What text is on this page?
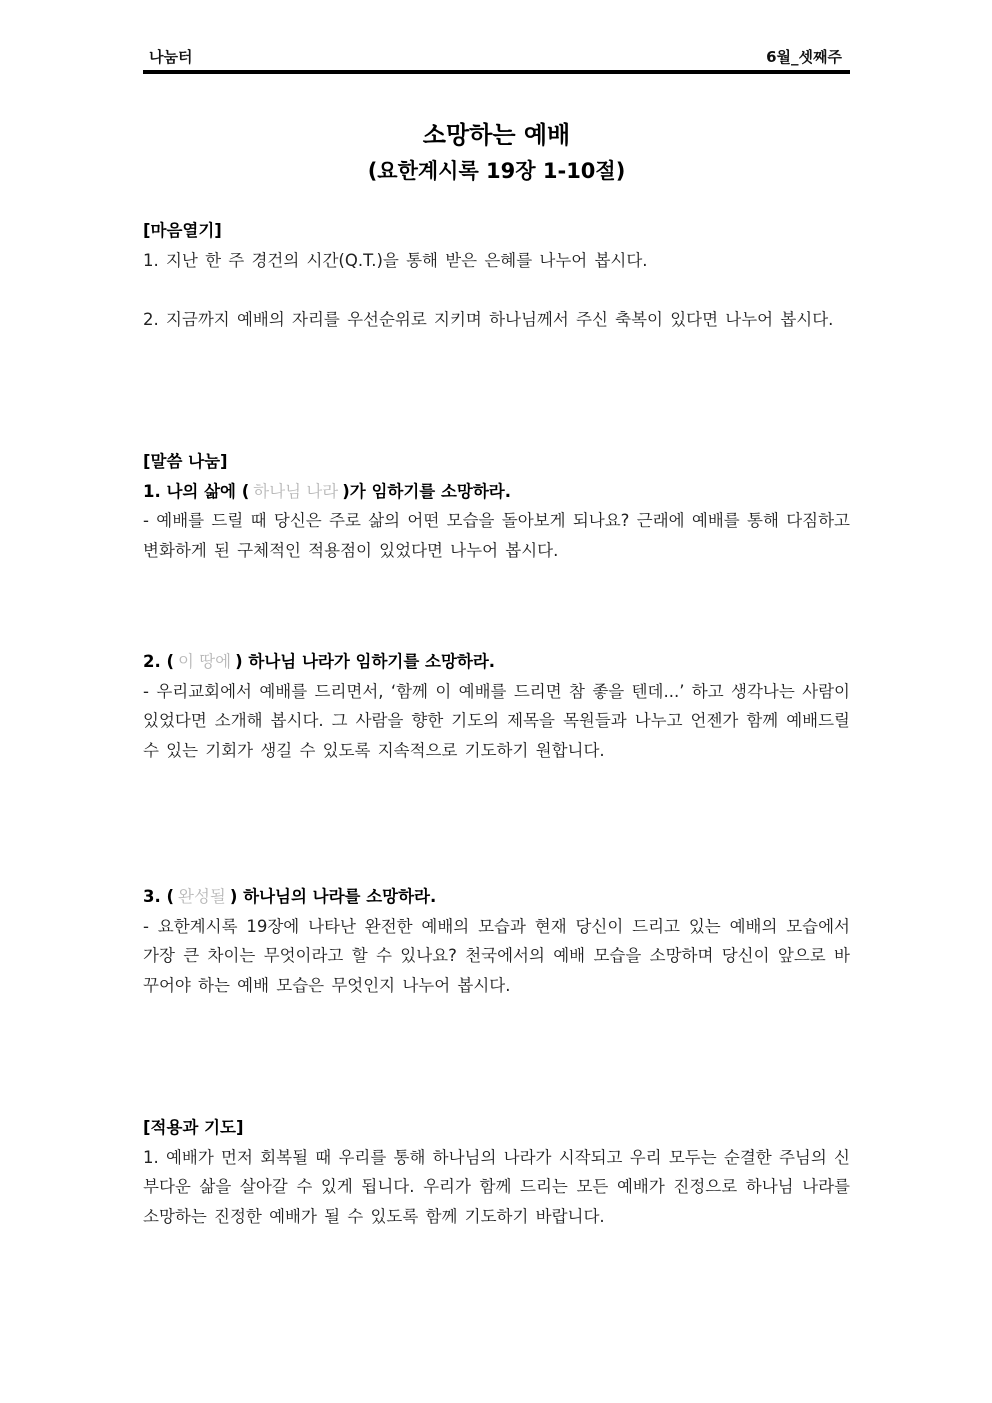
나눔터	6월_셋째주
소망하는 예배
(요한계시록 19장 1-10절)
[마음열기]
1. 지난 한 주 경건의 시간(Q.T.)을 통해 받은 은혜를 나누어 봅시다.
2. 지금까지 예배의 자리를 우선순위로 지키며 하나님께서 주신 축복이 있다면 나누어 봅시다.
[말씀 나눔]
1. 나의 삶에 ( 하나님 나라 )가 임하기를 소망하라.
- 예배를 드릴 때 당신은 주로 삶의 어떤 모습을 돌아보게 되나요? 근래에 예배를 통해 다짐하고 변화하게 된 구체적인 적용점이 있었다면 나누어 봅시다.
2. ( 이 땅에 ) 하나님 나라가 임하기를 소망하라.
- 우리교회에서 예배를 드리면서, ‘함께 이 예배를 드리면 참 좋을 텐데...’ 하고 생각나는 사람이 있었다면 소개해 봅시다. 그 사람을 향한 기도의 제목을 목원들과 나누고 언젠가 함께 예배드릴 수 있는 기회가 생길 수 있도록 지속적으로 기도하기 원합니다.
3. ( 완성될 ) 하나님의 나라를 소망하라.
- 요한계시록 19장에 나타난 완전한 예배의 모습과 현재 당신이 드리고 있는 예배의 모습에서 가장 큰 차이는 무엇이라고 할 수 있나요? 천국에서의 예배 모습을 소망하며 당신이 앞으로 바꾸어야 하는 예배 모습은 무엇인지 나누어 봅시다.
[적용과 기도]
1. 예배가 먼저 회복될 때 우리를 통해 하나님의 나라가 시작되고 우리 모두는 순결한 주님의 신부다운 삶을 살아갈 수 있게 됩니다. 우리가 함께 드리는 모든 예배가 진정으로 하나님 나라를 소망하는 진정한 예배가 될 수 있도록 함께 기도하기 바랍니다.
